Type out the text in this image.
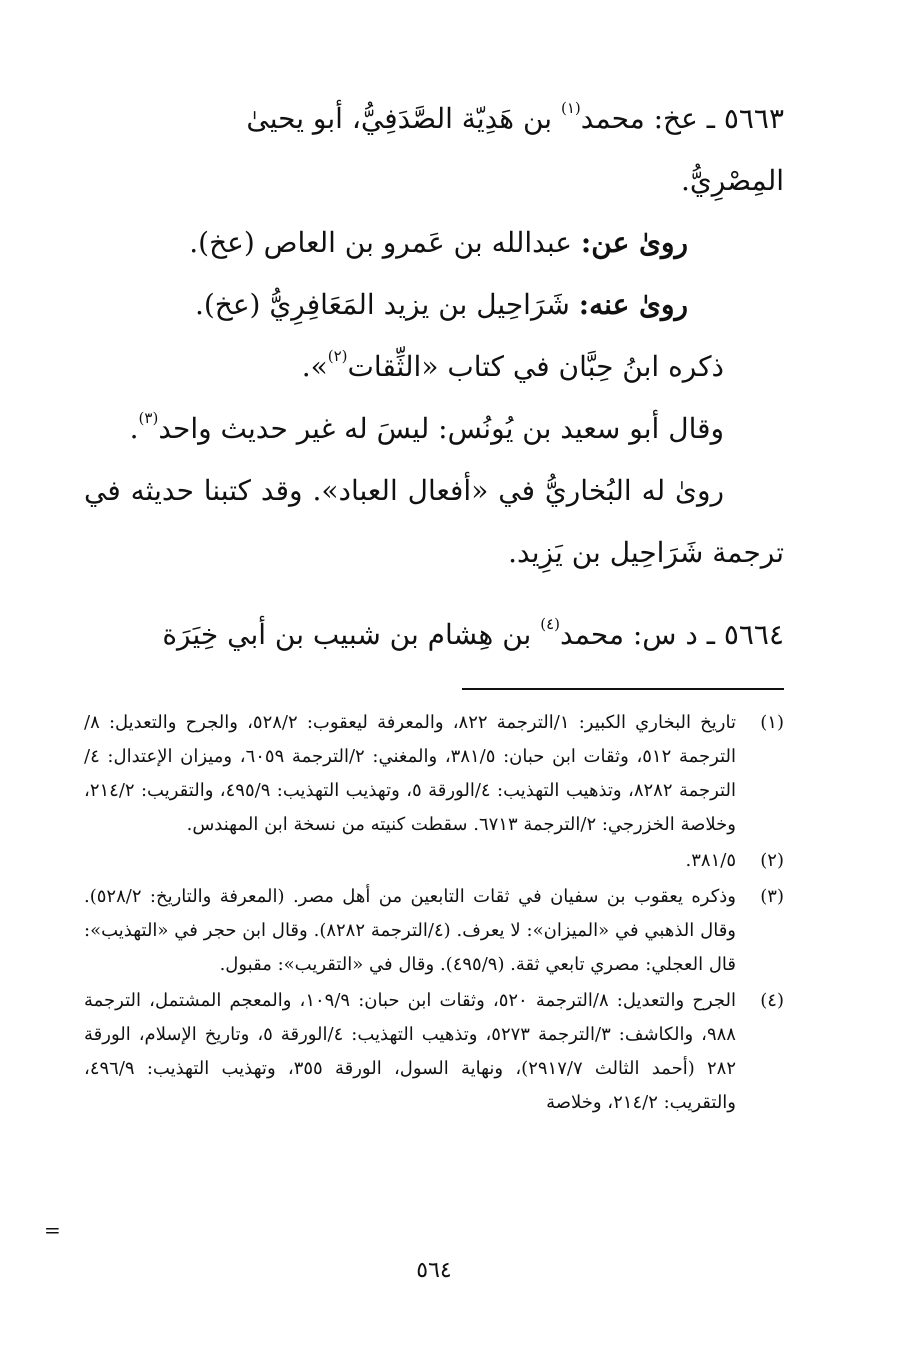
٥٦٦٣ ـ عخ: محمد$^{(١)}$ بن هَدِيّة الصَّدَفِيُّ، أبو يحيىٰ
المِصْرِيُّ.
روىٰ عن: عبدالله بن عَمرو بن العاص (عخ).
روىٰ عنه: شَرَاحِيل بن يزيد المَعَافِرِيُّ (عخ).
ذكره ابنُ حِبَّان في كتاب «الثِّقات$^{(٢)}$».
وقال أبو سعيد بن يُونُس: ليسَ له غير حديث واحد$^{(٣)}$.
روىٰ له البُخاريُّ في «أفعال العباد». وقد كتبنا حديثه في ترجمة شَرَاحِيل بن يَزِيد.
٥٦٦٤ ـ د س: محمد$^{(٤)}$ بن هِشام بن شبيب بن أبي خِيَرَة
(١)
تاريخ البخاري الكبير: ١/الترجمة ٨٢٢، والمعرفة ليعقوب: ٥٢٨/٢، والجرح والتعديل: ٨/الترجمة ٥١٢، وثقات ابن حبان: ٣٨١/٥، والمغني: ٢/الترجمة ٦٠٥٩، وميزان الإعتدال: ٤/الترجمة ٨٢٨٢، وتذهيب التهذيب: ٤/الورقة ٥، وتهذيب التهذيب: ٤٩٥/٩، والتقريب: ٢١٤/٢، وخلاصة الخزرجي: ٢/الترجمة ٦٧١٣. سقطت كنيته من نسخة ابن المهندس.
(٢)
٣٨١/٥.
(٣)
وذكره يعقوب بن سفيان في ثقات التابعين من أهل مصر. (المعرفة والتاريخ: ٥٢٨/٢). وقال الذهبي في «الميزان»: لا يعرف. (٤/الترجمة ٨٢٨٢). وقال ابن حجر في «التهذيب»: قال العجلي: مصري تابعي ثقة. (٤٩٥/٩). وقال في «التقريب»: مقبول.
(٤)
الجرح والتعديل: ٨/الترجمة ٥٢٠، وثقات ابن حبان: ١٠٩/٩، والمعجم المشتمل، الترجمة ٩٨٨، والكاشف: ٣/الترجمة ٥٢٧٣، وتذهيب التهذيب: ٤/الورقة ٥، وتاريخ الإسلام، الورقة ٢٨٢ (أحمد الثالث ٢٩١٧/٧)، ونهاية السول، الورقة ٣٥٥، وتهذيب التهذيب: ٤٩٦/٩، والتقريب: ٢١٤/٢، وخلاصة
=
٥٦٤
